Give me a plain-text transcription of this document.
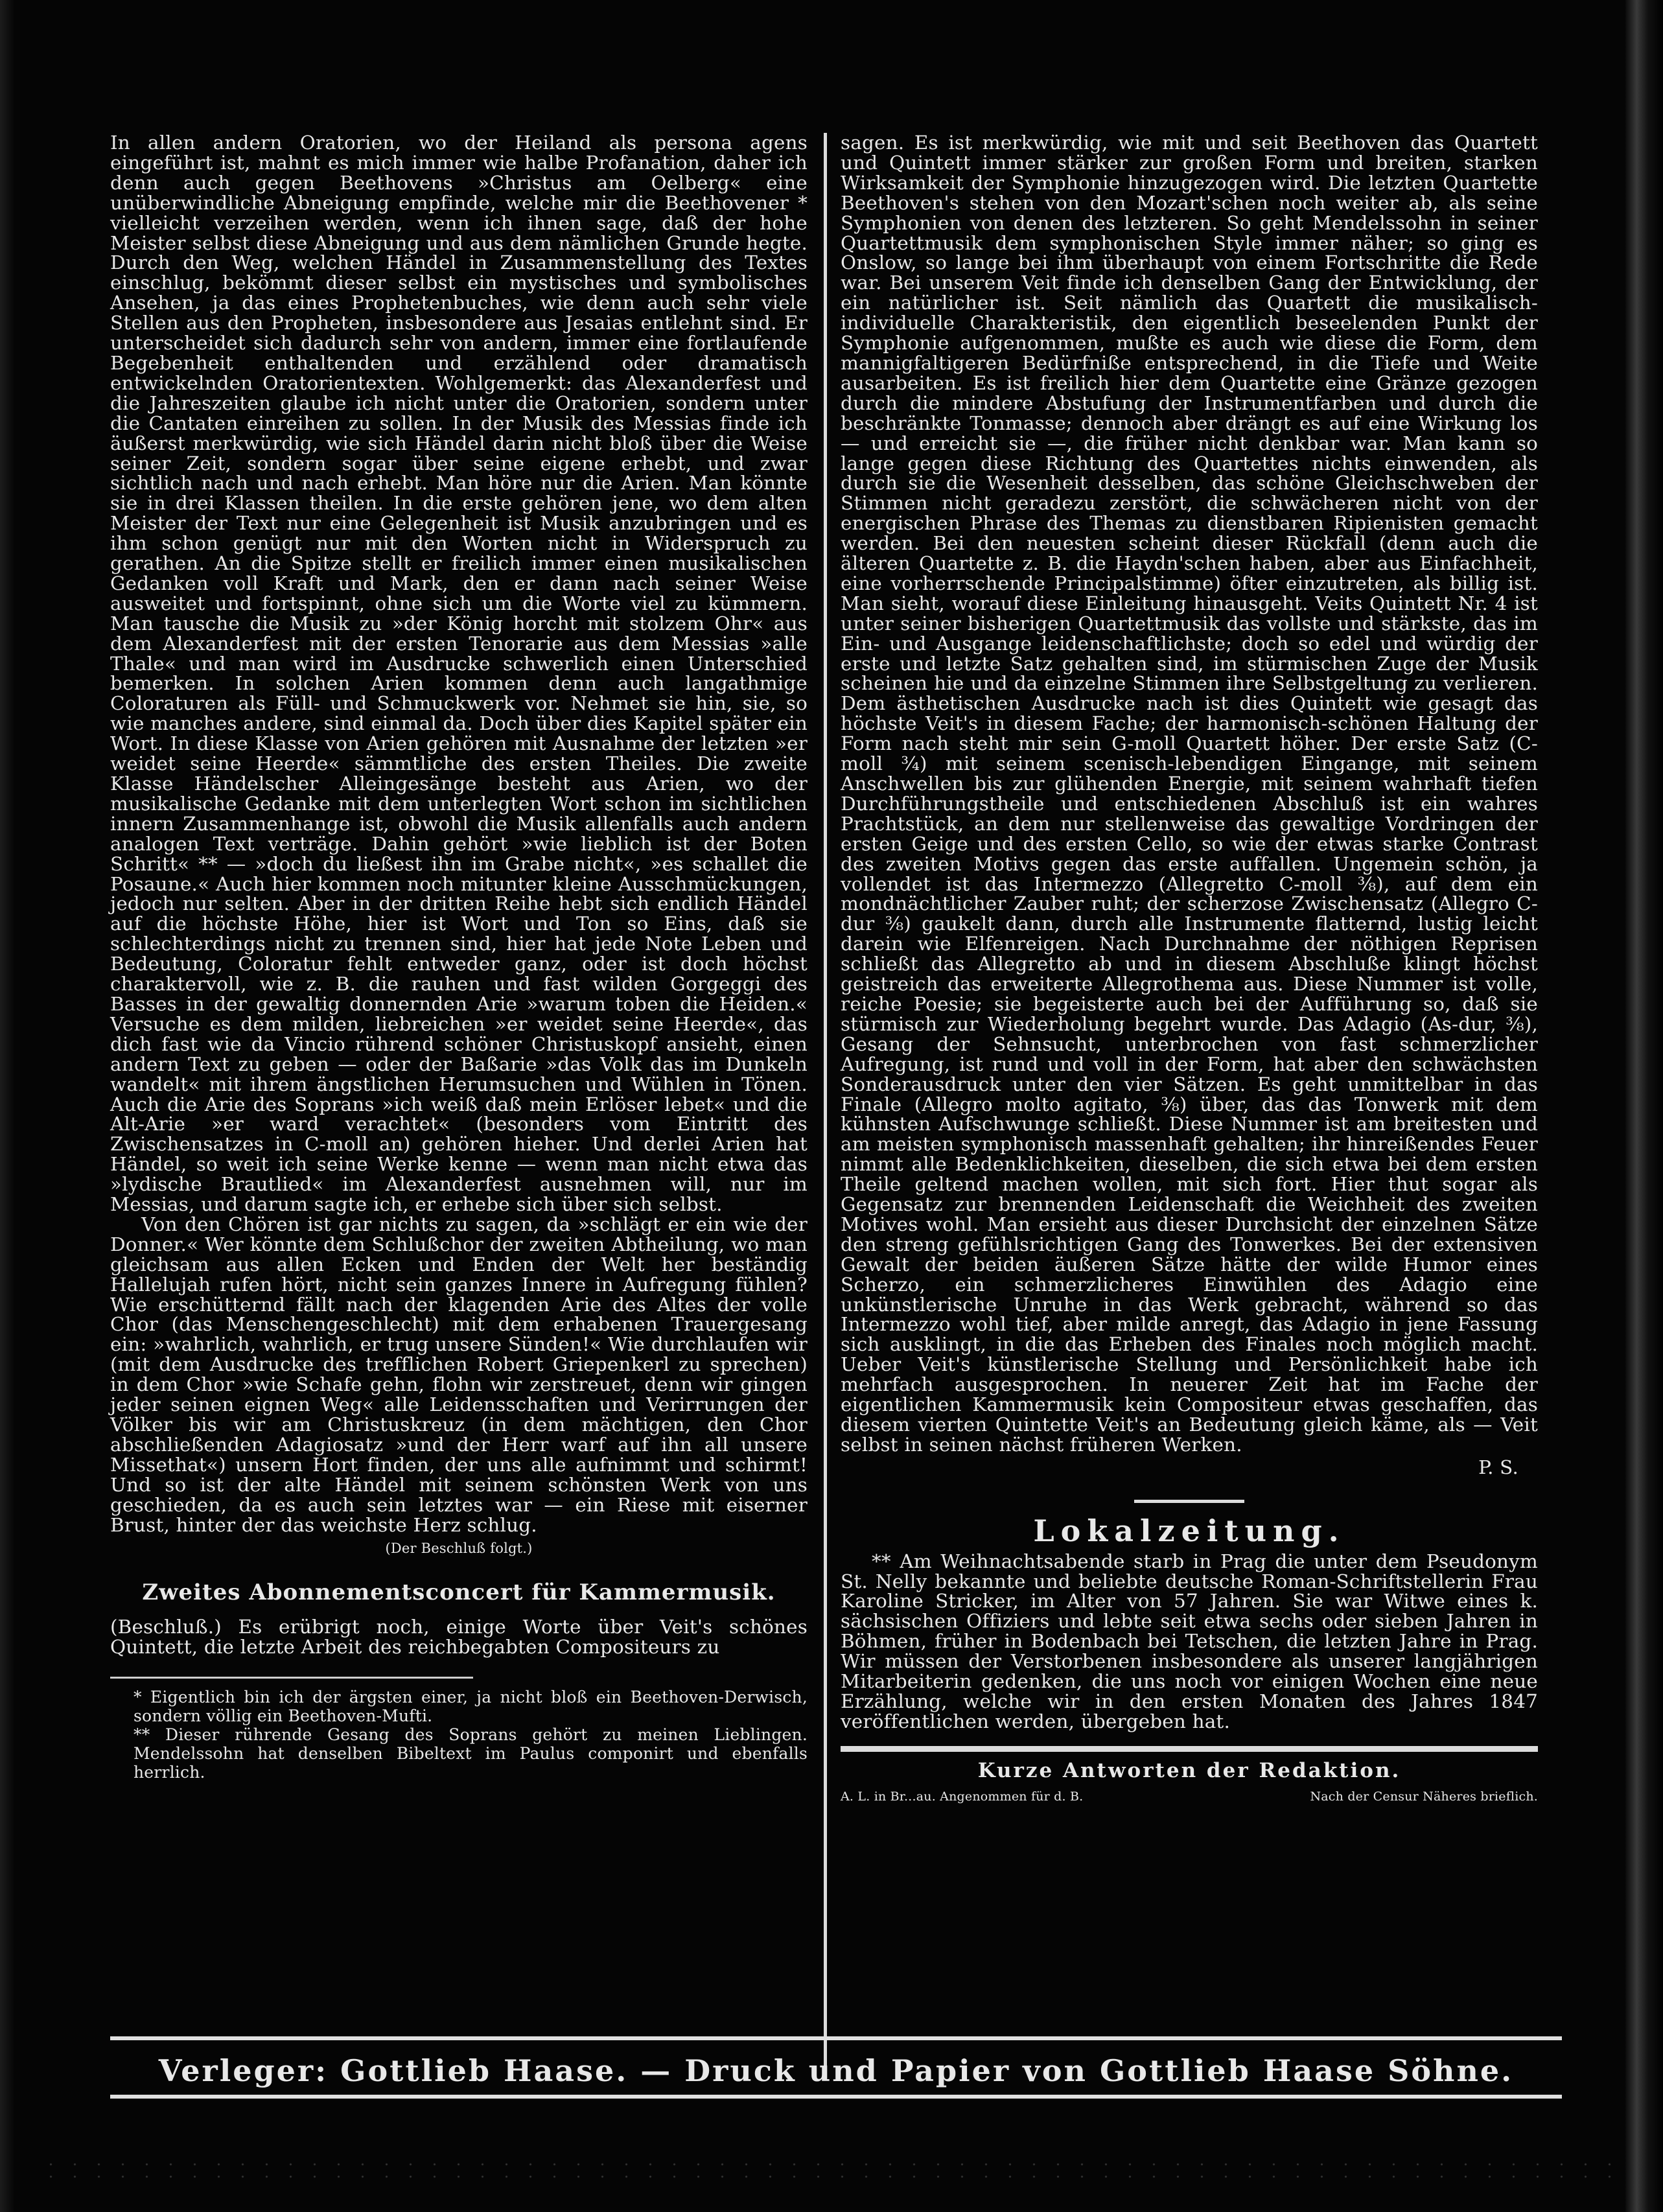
In allen andern Oratorien, wo der Heiland als persona agens eingeführt ist, mahnt es mich immer wie halbe Profanation, daher ich denn auch gegen Beethovens »Christus am Oelberg« eine unüberwindliche Abneigung empfinde, welche mir die Beethovener * vielleicht verzeihen werden, wenn ich ihnen sage, daß der hohe Meister selbst diese Abneigung und aus dem nämlichen Grunde hegte. Durch den Weg, welchen Händel in Zusammenstellung des Textes einschlug, bekömmt dieser selbst ein mystisches und symbolisches Ansehen, ja das eines Prophetenbuches, wie denn auch sehr viele Stellen aus den Propheten, insbesondere aus Jesaias entlehnt sind. Er unterscheidet sich dadurch sehr von andern, immer eine fortlaufende Begebenheit enthaltenden und erzählend oder dramatisch entwickelnden Oratorientexten. Wohlgemerkt: das Alexanderfest und die Jahreszeiten glaube ich nicht unter die Oratorien, sondern unter die Cantaten einreihen zu sollen. In der Musik des Messias finde ich äußerst merkwürdig, wie sich Händel darin nicht bloß über die Weise seiner Zeit, sondern sogar über seine eigene erhebt, und zwar sichtlich nach und nach erhebt. Man höre nur die Arien. Man könnte sie in drei Klassen theilen. In die erste gehören jene, wo dem alten Meister der Text nur eine Gelegenheit ist Musik anzubringen und es ihm schon genügt nur mit den Worten nicht in Widerspruch zu gerathen. An die Spitze stellt er freilich immer einen musikalischen Gedanken voll Kraft und Mark, den er dann nach seiner Weise ausweitet und fortspinnt, ohne sich um die Worte viel zu kümmern. Man tausche die Musik zu »der König horcht mit stolzem Ohr« aus dem Alexanderfest mit der ersten Tenorarie aus dem Messias »alle Thale« und man wird im Ausdrucke schwerlich einen Unterschied bemerken. In solchen Arien kommen denn auch langathmige Coloraturen als Füll- und Schmuckwerk vor. Nehmet sie hin, sie, so wie manches andere, sind einmal da. Doch über dies Kapitel später ein Wort. In diese Klasse von Arien gehören mit Ausnahme der letzten »er weidet seine Heerde« sämmtliche des ersten Theiles. Die zweite Klasse Händelscher Alleingesänge besteht aus Arien, wo der musikalische Gedanke mit dem unterlegten Wort schon im sichtlichen innern Zusammenhange ist, obwohl die Musik allenfalls auch andern analogen Text verträge. Dahin gehört »wie lieblich ist der Boten Schritt« ** — »doch du ließest ihn im Grabe nicht«, »es schallet die Posaune.« Auch hier kommen noch mitunter kleine Ausschmückungen, jedoch nur selten. Aber in der dritten Reihe hebt sich endlich Händel auf die höchste Höhe, hier ist Wort und Ton so Eins, daß sie schlechterdings nicht zu trennen sind, hier hat jede Note Leben und Bedeutung, Coloratur fehlt entweder ganz, oder ist doch höchst charaktervoll, wie z. B. die rauhen und fast wilden Gorgeggi des Basses in der gewaltig donnernden Arie »warum toben die Heiden.« Versuche es dem milden, liebreichen »er weidet seine Heerde«, das dich fast wie da Vincio rührend schöner Christuskopf ansieht, einen andern Text zu geben — oder der Baßarie »das Volk das im Dunkeln wandelt« mit ihrem ängstlichen Herumsuchen und Wühlen in Tönen. Auch die Arie des Soprans »ich weiß daß mein Erlöser lebet« und die Alt-Arie »er ward verachtet« (besonders vom Eintritt des Zwischensatzes in C-moll an) gehören hieher. Und derlei Arien hat Händel, so weit ich seine Werke kenne — wenn man nicht etwa das »lydische Brautlied« im Alexanderfest ausnehmen will, nur im Messias, und darum sagte ich, er erhebe sich über sich selbst.

Von den Chören ist gar nichts zu sagen, da »schlägt er ein wie der Donner.« Wer könnte dem Schlußchor der zweiten Abtheilung, wo man gleichsam aus allen Ecken und Enden der Welt her beständig Hallelujah rufen hört, nicht sein ganzes Innere in Aufregung fühlen? Wie erschütternd fällt nach der klagenden Arie des Altes der volle Chor (das Menschengeschlecht) mit dem erhabenen Trauergesang ein: »wahrlich, wahrlich, er trug unsere Sünden!« Wie durchlaufen wir (mit dem Ausdrucke des trefflichen Robert Griepenkerl zu sprechen) in dem Chor »wie Schafe gehn, flohn wir zerstreuet, denn wir gingen jeder seinen eignen Weg« alle Leidensschaften und Verirrungen der Völker bis wir am Christuskreuz (in dem mächtigen, den Chor abschließenden Adagiosatz »und der Herr warf auf ihn all unsere Missethat«) unsern Hort finden, der uns alle aufnimmt und schirmt! Und so ist der alte Händel mit seinem schönsten Werk von uns geschieden, da es auch sein letztes war — ein Riese mit eiserner Brust, hinter der das weichste Herz schlug.

(Der Beschluß folgt.)

Zweites Abonnementsconcert für Kammermusik.

(Beschluß.) Es erübrigt noch, einige Worte über Veit's schönes Quintett, die letzte Arbeit des reichbegabten Compositeurs zu

* Eigentlich bin ich der ärgsten einer, ja nicht bloß ein Beethoven-Derwisch, sondern völlig ein Beethoven-Mufti.

** Dieser rührende Gesang des Soprans gehört zu meinen Lieblingen. Mendelssohn hat denselben Bibeltext im Paulus componirt und ebenfalls herrlich.

sagen. Es ist merkwürdig, wie mit und seit Beethoven das Quartett und Quintett immer stärker zur großen Form und breiten, starken Wirksamkeit der Symphonie hinzugezogen wird. Die letzten Quartette Beethoven's stehen von den Mozart'schen noch weiter ab, als seine Symphonien von denen des letzteren. So geht Mendelssohn in seiner Quartettmusik dem symphonischen Style immer näher; so ging es Onslow, so lange bei ihm überhaupt von einem Fortschritte die Rede war. Bei unserem Veit finde ich denselben Gang der Entwicklung, der ein natürlicher ist. Seit nämlich das Quartett die musikalisch-individuelle Charakteristik, den eigentlich beseelenden Punkt der Symphonie aufgenommen, mußte es auch wie diese die Form, dem mannigfaltigeren Bedürfniße entsprechend, in die Tiefe und Weite ausarbeiten. Es ist freilich hier dem Quartette eine Gränze gezogen durch die mindere Abstufung der Instrumentfarben und durch die beschränkte Tonmasse; dennoch aber drängt es auf eine Wirkung los — und erreicht sie —, die früher nicht denkbar war. Man kann so lange gegen diese Richtung des Quartettes nichts einwenden, als durch sie die Wesenheit desselben, das schöne Gleichschweben der Stimmen nicht geradezu zerstört, die schwächeren nicht von der energischen Phrase des Themas zu dienstbaren Ripienisten gemacht werden. Bei den neuesten scheint dieser Rückfall (denn auch die älteren Quartette z. B. die Haydn'schen haben, aber aus Einfachheit, eine vorherrschende Principalstimme) öfter einzutreten, als billig ist. Man sieht, worauf diese Einleitung hinausgeht. Veits Quintett Nr. 4 ist unter seiner bisherigen Quartettmusik das vollste und stärkste, das im Ein- und Ausgange leidenschaftlichste; doch so edel und würdig der erste und letzte Satz gehalten sind, im stürmischen Zuge der Musik scheinen hie und da einzelne Stimmen ihre Selbstgeltung zu verlieren. Dem ästhetischen Ausdrucke nach ist dies Quintett wie gesagt das höchste Veit's in diesem Fache; der harmonisch-schönen Haltung der Form nach steht mir sein G-moll Quartett höher. Der erste Satz (C-moll ¾) mit seinem scenisch-lebendigen Eingange, mit seinem Anschwellen bis zur glühenden Energie, mit seinem wahrhaft tiefen Durchführungstheile und entschiedenen Abschluß ist ein wahres Prachtstück, an dem nur stellenweise das gewaltige Vordringen der ersten Geige und des ersten Cello, so wie der etwas starke Contrast des zweiten Motivs gegen das erste auffallen. Ungemein schön, ja vollendet ist das Intermezzo (Allegretto C-moll ⅜), auf dem ein mondnächtlicher Zauber ruht; der scherzose Zwischensatz (Allegro C-dur ⅜) gaukelt dann, durch alle Instrumente flatternd, lustig leicht darein wie Elfenreigen. Nach Durchnahme der nöthigen Reprisen schließt das Allegretto ab und in diesem Abschluße klingt höchst geistreich das erweiterte Allegrothema aus. Diese Nummer ist volle, reiche Poesie; sie begeisterte auch bei der Aufführung so, daß sie stürmisch zur Wiederholung begehrt wurde. Das Adagio (As-dur, ⅜), Gesang der Sehnsucht, unterbrochen von fast schmerzlicher Aufregung, ist rund und voll in der Form, hat aber den schwächsten Sonderausdruck unter den vier Sätzen. Es geht unmittelbar in das Finale (Allegro molto agitato, ⅜) über, das das Tonwerk mit dem kühnsten Aufschwunge schließt. Diese Nummer ist am breitesten und am meisten symphonisch massenhaft gehalten; ihr hinreißendes Feuer nimmt alle Bedenklichkeiten, dieselben, die sich etwa bei dem ersten Theile geltend machen wollen, mit sich fort. Hier thut sogar als Gegensatz zur brennenden Leidenschaft die Weichheit des zweiten Motives wohl. Man ersieht aus dieser Durchsicht der einzelnen Sätze den streng gefühlsrichtigen Gang des Tonwerkes. Bei der extensiven Gewalt der beiden äußeren Sätze hätte der wilde Humor eines Scherzo, ein schmerzlicheres Einwühlen des Adagio eine unkünstlerische Unruhe in das Werk gebracht, während so das Intermezzo wohl tief, aber milde anregt, das Adagio in jene Fassung sich ausklingt, in die das Erheben des Finales noch möglich macht. Ueber Veit's künstlerische Stellung und Persönlichkeit habe ich mehrfach ausgesprochen. In neuerer Zeit hat im Fache der eigentlichen Kammermusik kein Compositeur etwas geschaffen, das diesem vierten Quintette Veit's an Bedeutung gleich käme, als — Veit selbst in seinen nächst früheren Werken.

P. S.

Lokalzeitung.

** Am Weihnachtsabende starb in Prag die unter dem Pseudonym St. Nelly bekannte und beliebte deutsche Roman-Schriftstellerin Frau Karoline Stricker, im Alter von 57 Jahren. Sie war Witwe eines k. sächsischen Offiziers und lebte seit etwa sechs oder sieben Jahren in Böhmen, früher in Bodenbach bei Tetschen, die letzten Jahre in Prag. Wir müssen der Verstorbenen insbesondere als unserer langjährigen Mitarbeiterin gedenken, die uns noch vor einigen Wochen eine neue Erzählung, welche wir in den ersten Monaten des Jahres 1847 veröffentlichen werden, übergeben hat.

Kurze Antworten der Redaktion.
A. L. in Br...au. Angenommen für d. B.	Nach der Censur Näheres brieflich.
Verleger: Gottlieb Haase. — Druck und Papier von Gottlieb Haase Söhne.
